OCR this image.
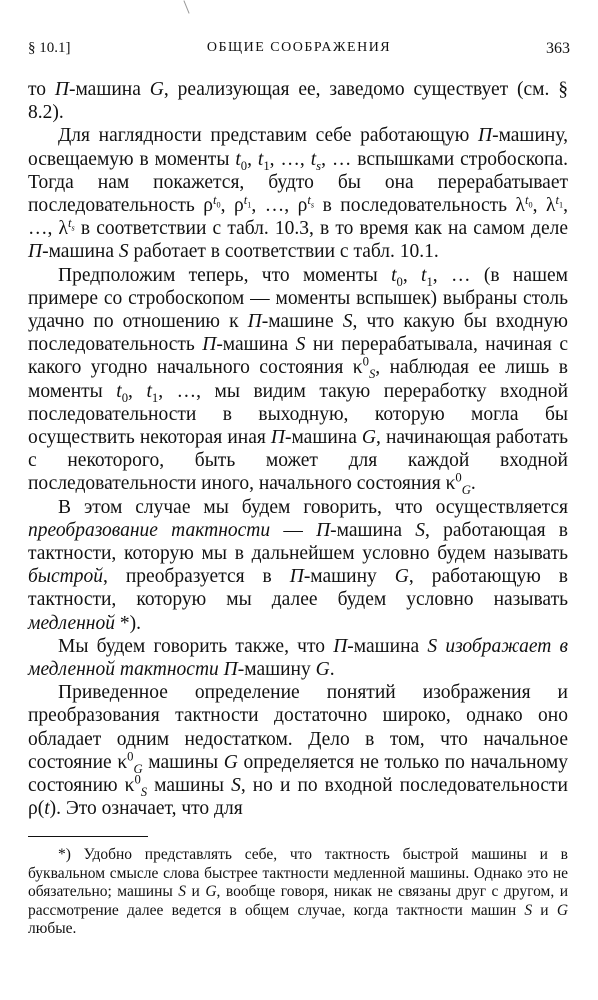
§ 10.1]	ОБЩИЕ СООБРАЖЕНИЯ	363

то П-машина G, реализующая ее, заведомо существует (см. § 8.2).

Для наглядности представим себе работающую П-машину, освещаемую в моменты $t_0$, $t_1$, …, $t_s$, … вспышками стробоскопа. Тогда нам покажется, будто бы она перерабатывает последовательность $\rho^{t_0}$, $\rho^{t_1}$, …, $\rho^{t_s}$ в последовательность $\lambda^{t_0}$, $\lambda^{t_1}$, …, $\lambda^{t_s}$ в соответствии с табл. 10.3, в то время как на самом деле П-машина S работает в соответствии с табл. 10.1.

Предположим теперь, что моменты $t_0$, $t_1$, … (в нашем примере со стробоскопом — моменты вспышек) выбраны столь удачно по отношению к П-машине S, что какую бы входную последовательность П-машина S ни перерабатывала, начиная с какого угодно начального состояния $\kappa^0_S$, наблюдая ее лишь в моменты $t_0$, $t_1$, …, мы видим такую переработку входной последовательности в выходную, которую могла бы осуществить некоторая иная П-машина G, начинающая работать с некоторого, быть может для каждой входной последовательности иного, начального состояния $\kappa^0_G$.

В этом случае мы будем говорить, что осуществляется преобразование тактности — П-машина S, работающая в тактности, которую мы в дальнейшем условно будем называть быстрой, преобразуется в П-машину G, работающую в тактности, которую мы далее будем условно называть медленной *).

Мы будем говорить также, что П-машина S изображает в медленной тактности П-машину G.

Приведенное определение понятий изображения и преобразования тактности достаточно широко, однако оно обладает одним недостатком. Дело в том, что начальное состояние $\kappa^0_G$ машины G определяется не только по начальному состоянию $\kappa^0_S$ машины S, но и по входной последовательности ρ(t). Это означает, что для

*) Удобно представлять себе, что тактность быстрой машины и в буквальном смысле слова быстрее тактности медленной машины. Однако это не обязательно; машины S и G, вообще говоря, никак не связаны друг с другом, и рассмотрение далее ведется в общем случае, когда тактности машин S и G любые.
